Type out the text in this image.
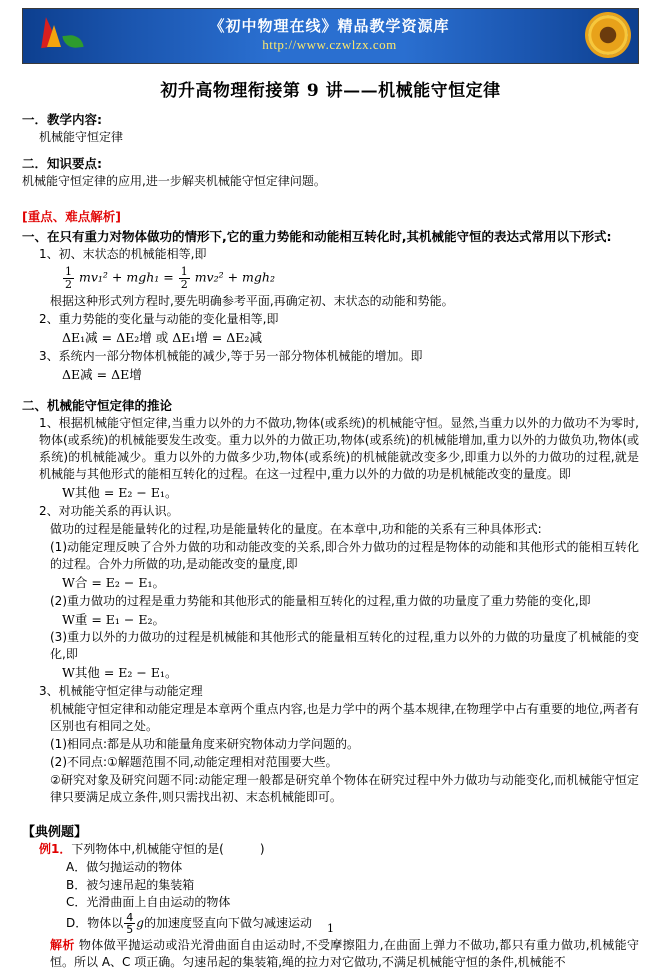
《初中物理在线》精品教学资源库
http://www.czwlzx.com
初升高物理衔接第 9 讲——机械能守恒定律
一．教学内容:
机械能守恒定律
二．知识要点:
机械能守恒定律的应用,进一步解夹机械能守恒定律问题。
[重点、难点解析]
一、在只有重力对物体做功的情形下,它的重力势能和动能相互转化时,其机械能守恒的表达式常用以下形式:
1、初、末状态的机械能相等,即
$\frac{1}{2} mv_1^2 + mgh_1 = \frac{1}{2} mv_2^2 + mgh_2$
根据这种形式列方程时,要先明确参考平面,再确定初、末状态的动能和势能。
2、重力势能的变化量与动能的变化量相等,即
ΔE₁减 = ΔE₂增 或 ΔE₁增 = ΔE₂减
3、系统内一部分物体机械能的减少,等于另一部分物体机械能的增加。即
ΔE减 = ΔE增
二、机械能守恒定律的推论
1、根据机械能守恒定律,当重力以外的力不做功,物体(或系统)的机械能守恒。显然,当重力以外的力做功不为零时,物体(或系统)的机械能要发生改变。重力以外的力做正功,物体(或系统)的机械能增加,重力以外的力做负功,物体(或系统)的机械能减少。重力以外的力做多少功,物体(或系统)的机械能就改变多少,即重力以外的力做功的过程,就是机械能与其他形式的能相互转化的过程。在这一过程中,重力以外的力做的功是机械能改变的量度。即
W其他 = E₂ − E₁。
2、对功能关系的再认识。
做功的过程是能量转化的过程,功是能量转化的量度。在本章中,功和能的关系有三种具体形式:
(1)动能定理反映了合外力做的功和动能改变的关系,即合外力做功的过程是物体的动能和其他形式的能相互转化的过程。合外力所做的功,是动能改变的量度,即
W合 = E₂ − E₁。
(2)重力做功的过程是重力势能和其他形式的能量相互转化的过程,重力做的功量度了重力势能的变化,即
W重 = E₁ − E₂。
(3)重力以外的力做功的过程是机械能和其他形式的能量相互转化的过程,重力以外的力做的功量度了机械能的变化,即
W其他 = E₂ − E₁。
3、机械能守恒定律与动能定理
机械能守恒定律和动能定理是本章两个重点内容,也是力学中的两个基本规律,在物理学中占有重要的地位,两者有区别也有相同之处。
(1)相同点:都是从功和能量角度来研究物体动力学问题的。
(2)不同点:①解题范围不同,动能定理相对范围要大些。
②研究对象及研究问题不同:动能定理一般都是研究单个物体在研究过程中外力做功与动能变化,而机械能守恒定律只要满足成立条件,则只需找出初、末态机械能即可。
【典例题】
例1．下列物体中,机械能守恒的是(　　　)
A．做匀抛运动的物体
B．被匀速吊起的集装箱
C．光滑曲面上自由运动的物体
D．物体以 $\frac{4}{5}$ g 的加速度竖直向下做匀减速运动
解析 物体做平抛运动或沿光滑曲面自由运动时,不受摩擦阻力,在曲面上弹力不做功,都只有重力做功,机械能守恒。所以 A、C 项正确。匀速吊起的集装箱,绳的拉力对它做功,不满足机械能守恒的条件,机械能不
1
